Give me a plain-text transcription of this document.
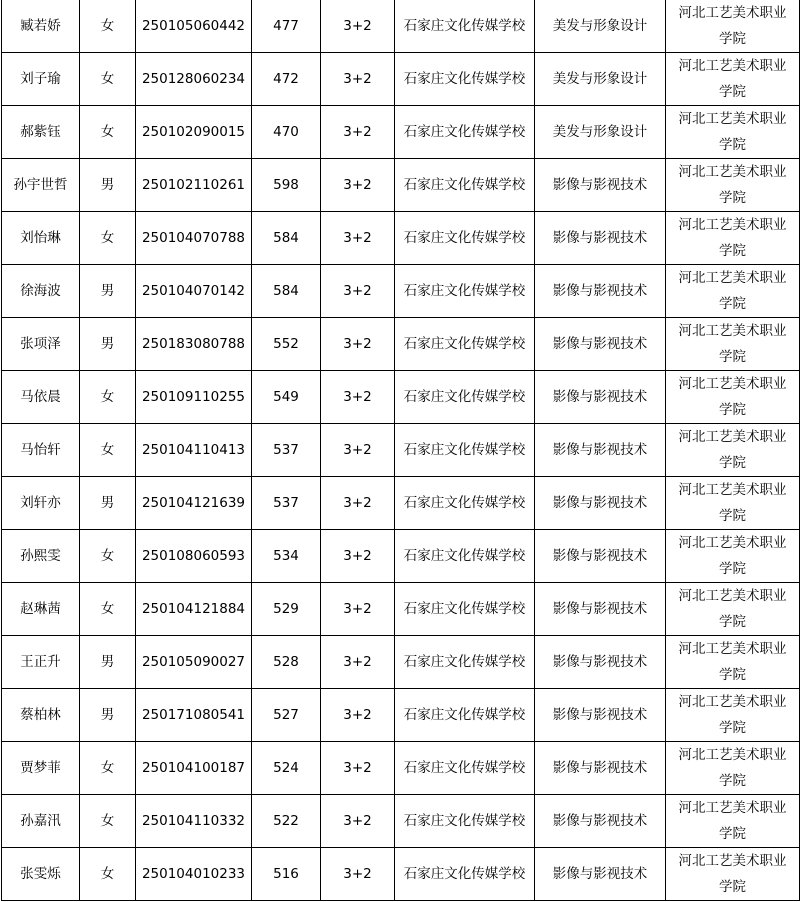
臧若娇	女	250105060442	477	3+2	石家庄文化传媒学校	美发与形象设计	河北工艺美术职业
学院

刘子瑜	女	250128060234	472	3+2	石家庄文化传媒学校	美发与形象设计	河北工艺美术职业
学院

郝紫钰	女	250102090015	470	3+2	石家庄文化传媒学校	美发与形象设计	河北工艺美术职业
学院

孙宇世哲	男	250102110261	598	3+2	石家庄文化传媒学校	影像与影视技术	河北工艺美术职业
学院

刘怡琳	女	250104070788	584	3+2	石家庄文化传媒学校	影像与影视技术	河北工艺美术职业
学院

徐海波	男	250104070142	584	3+2	石家庄文化传媒学校	影像与影视技术	河北工艺美术职业
学院

张项泽	男	250183080788	552	3+2	石家庄文化传媒学校	影像与影视技术	河北工艺美术职业
学院

马依晨	女	250109110255	549	3+2	石家庄文化传媒学校	影像与影视技术	河北工艺美术职业
学院

马怡轩	女	250104110413	537	3+2	石家庄文化传媒学校	影像与影视技术	河北工艺美术职业
学院

刘轩亦	男	250104121639	537	3+2	石家庄文化传媒学校	影像与影视技术	河北工艺美术职业
学院

孙熙雯	女	250108060593	534	3+2	石家庄文化传媒学校	影像与影视技术	河北工艺美术职业
学院

赵琳茜	女	250104121884	529	3+2	石家庄文化传媒学校	影像与影视技术	河北工艺美术职业
学院

王正升	男	250105090027	528	3+2	石家庄文化传媒学校	影像与影视技术	河北工艺美术职业
学院

蔡柏林	男	250171080541	527	3+2	石家庄文化传媒学校	影像与影视技术	河北工艺美术职业
学院

贾梦菲	女	250104100187	524	3+2	石家庄文化传媒学校	影像与影视技术	河北工艺美术职业
学院

孙嘉汛	女	250104110332	522	3+2	石家庄文化传媒学校	影像与影视技术	河北工艺美术职业
学院

张雯烁	女	250104010233	516	3+2	石家庄文化传媒学校	影像与影视技术	河北工艺美术职业
学院
